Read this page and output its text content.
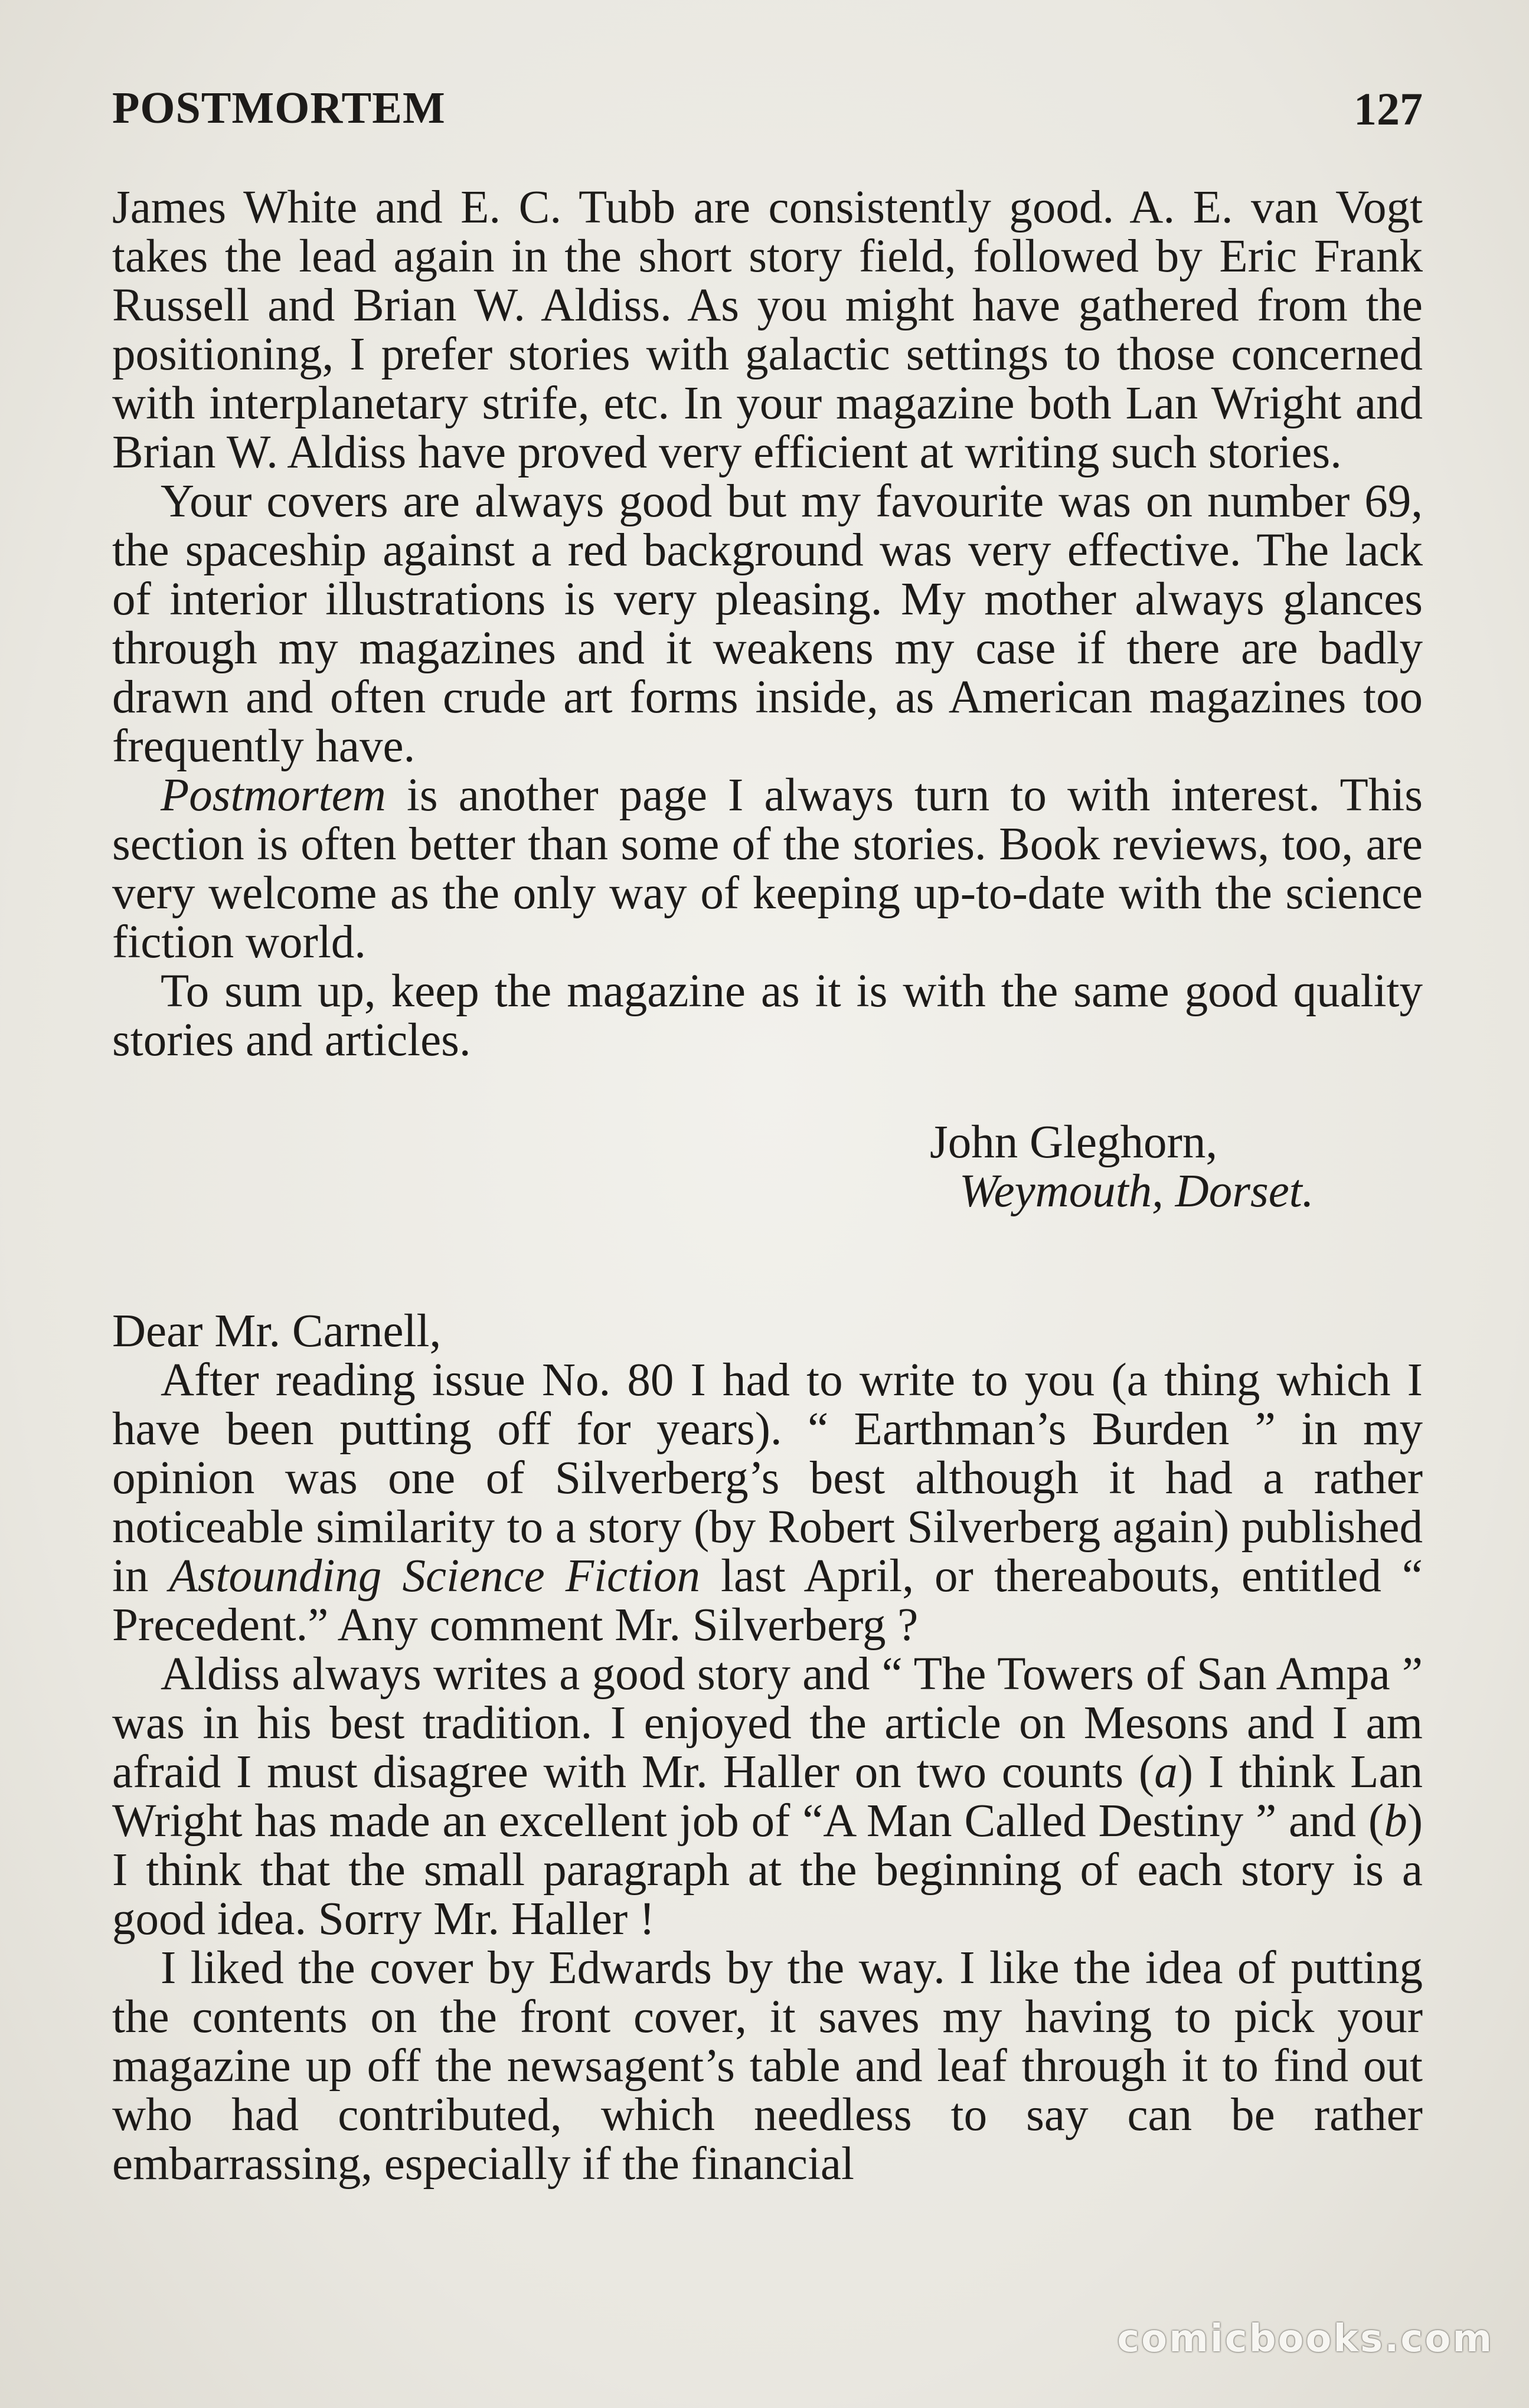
POSTMORTEM	127

James White and E. C. Tubb are consistently good. A. E. van Vogt takes the lead again in the short story field, followed by Eric Frank Russell and Brian W. Aldiss. As you might have gathered from the positioning, I prefer stories with galactic settings to those concerned with interplanetary strife, etc. In your magazine both Lan Wright and Brian W. Aldiss have proved very efficient at writing such stories.

Your covers are always good but my favourite was on number 69, the spaceship against a red background was very effective. The lack of interior illustrations is very pleasing. My mother always glances through my magazines and it weakens my case if there are badly drawn and often crude art forms inside, as American magazines too frequently have.

Postmortem is another page I always turn to with interest. This section is often better than some of the stories. Book reviews, too, are very welcome as the only way of keeping up-to-date with the science fiction world.

To sum up, keep the magazine as it is with the same good quality stories and articles.

John Gleghorn,
Weymouth, Dorset.

Dear Mr. Carnell,

After reading issue No. 80 I had to write to you (a thing which I have been putting off for years). “ Earthman’s Burden ” in my opinion was one of Silverberg’s best although it had a rather noticeable similarity to a story (by Robert Silverberg again) published in Astounding Science Fiction last April, or thereabouts, entitled “ Precedent.” Any comment Mr. Silverberg ?

Aldiss always writes a good story and “ The Towers of San Ampa ” was in his best tradition. I enjoyed the article on Mesons and I am afraid I must disagree with Mr. Haller on two counts (a) I think Lan Wright has made an excellent job of “A Man Called Destiny ” and (b) I think that the small paragraph at the beginning of each story is a good idea. Sorry Mr. Haller !

I liked the cover by Edwards by the way. I like the idea of putting the contents on the front cover, it saves my having to pick your magazine up off the newsagent’s table and leaf through it to find out who had contributed, which needless to say can be rather embarrassing, especially if the financial

comicbooks.com
